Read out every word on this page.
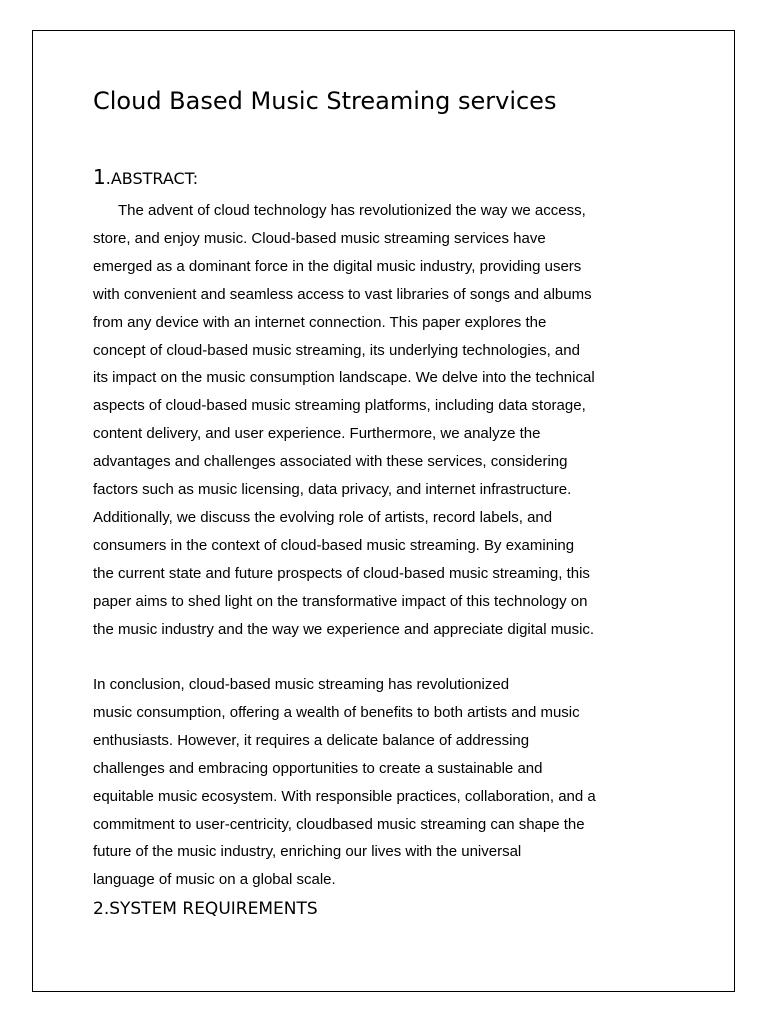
Cloud Based Music Streaming services
1.ABSTRACT:

The advent of cloud technology has revolutionized the way we access,
store, and enjoy music. Cloud-based music streaming services have
emerged as a dominant force in the digital music industry, providing users
with convenient and seamless access to vast libraries of songs and albums
from any device with an internet connection. This paper explores the
concept of cloud-based music streaming, its underlying technologies, and
its impact on the music consumption landscape. We delve into the technical
aspects of cloud-based music streaming platforms, including data storage,
content delivery, and user experience. Furthermore, we analyze the
advantages and challenges associated with these services, considering
factors such as music licensing, data privacy, and internet infrastructure.
Additionally, we discuss the evolving role of artists, record labels, and
consumers in the context of cloud-based music streaming. By examining
the current state and future prospects of cloud-based music streaming, this
paper aims to shed light on the transformative impact of this technology on
the music industry and the way we experience and appreciate digital music.

In conclusion, cloud-based music streaming has revolutionized
music consumption, offering a wealth of benefits to both artists and music
enthusiasts. However, it requires a delicate balance of addressing
challenges and embracing opportunities to create a sustainable and
equitable music ecosystem. With responsible practices, collaboration, and a
commitment to user-centricity, cloudbased music streaming can shape the
future of the music industry, enriching our lives with the universal
language of music on a global scale.

2.SYSTEM REQUIREMENTS
